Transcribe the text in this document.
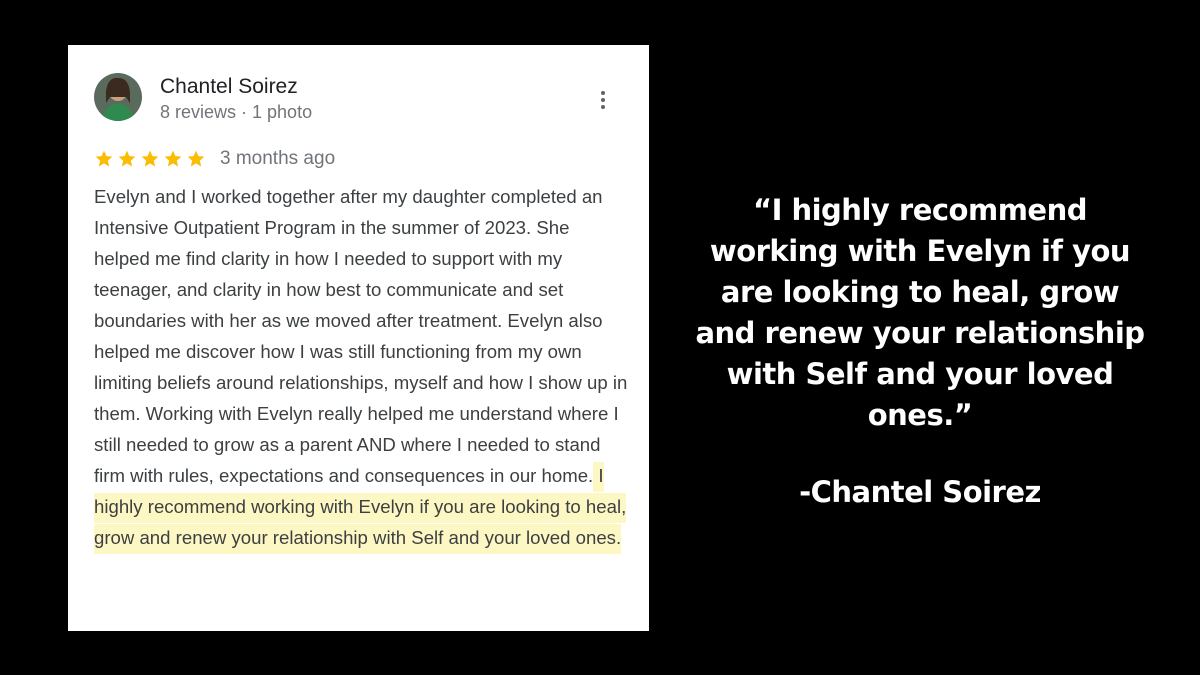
Chantel Soirez
8 reviews · 1 photo
3 months ago

Evelyn and I worked together after my daughter completed an Intensive Outpatient Program in the summer of 2023. She helped me find clarity in how I needed to support with my teenager, and clarity in how best to communicate and set boundaries with her as we moved after treatment. Evelyn also helped me discover how I was still functioning from my own limiting beliefs around relationships, myself and how I show up in them. Working with Evelyn really helped me understand where I still needed to grow as a parent AND where I needed to stand firm with rules, expectations and consequences in our home. I highly recommend working with Evelyn if you are looking to heal, grow and renew your relationship with Self and your loved ones.

“I highly recommend working with Evelyn if you are looking to heal, grow and renew your relationship with Self and your loved ones.”

-Chantel Soirez
